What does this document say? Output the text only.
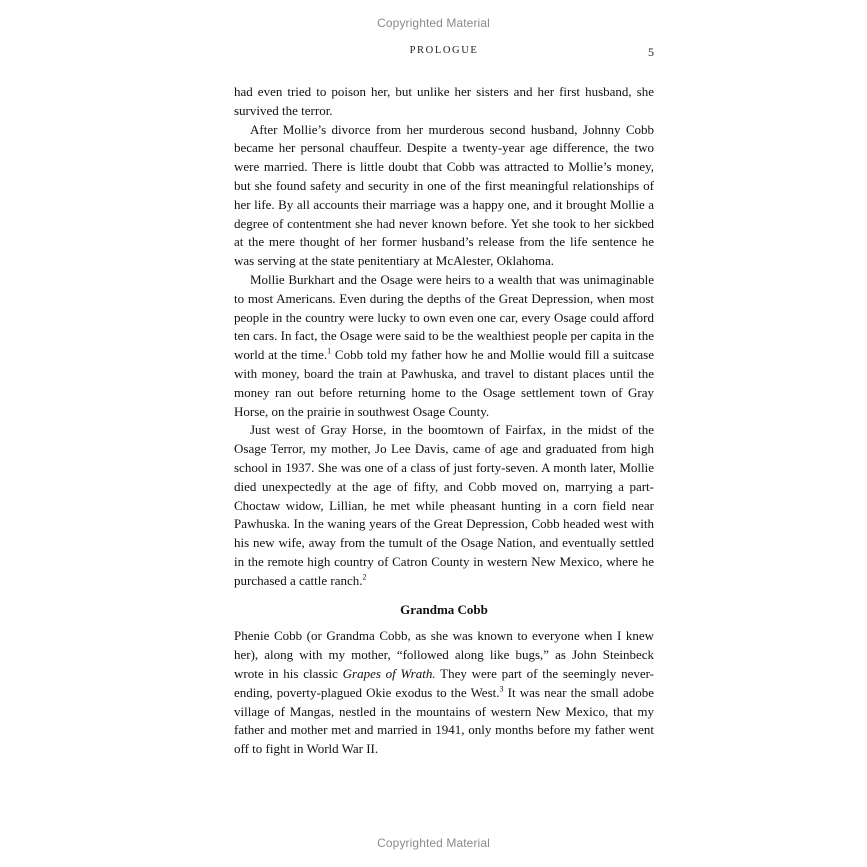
Copyrighted Material
PROLOGUE	5

had even tried to poison her, but unlike her sisters and her first husband, she survived the terror.

After Mollie’s divorce from her murderous second husband, Johnny Cobb became her personal chauffeur. Despite a twenty-year age difference, the two were married. There is little doubt that Cobb was attracted to Mollie’s money, but she found safety and security in one of the first meaningful relationships of her life. By all accounts their marriage was a happy one, and it brought Mollie a degree of contentment she had never known before. Yet she took to her sickbed at the mere thought of her former husband’s release from the life sentence he was serving at the state penitentiary at McAlester, Oklahoma.

Mollie Burkhart and the Osage were heirs to a wealth that was unimaginable to most Americans. Even during the depths of the Great Depression, when most people in the country were lucky to own even one car, every Osage could afford ten cars. In fact, the Osage were said to be the wealthiest people per capita in the world at the time.$^1$ Cobb told my father how he and Mollie would fill a suitcase with money, board the train at Pawhuska, and travel to distant places until the money ran out before returning home to the Osage settlement town of Gray Horse, on the prairie in southwest Osage County.

Just west of Gray Horse, in the boomtown of Fairfax, in the midst of the Osage Terror, my mother, Jo Lee Davis, came of age and graduated from high school in 1937. She was one of a class of just forty-seven. A month later, Mollie died unexpectedly at the age of fifty, and Cobb moved on, marrying a part-Choctaw widow, Lillian, he met while pheasant hunting in a corn field near Pawhuska. In the waning years of the Great Depression, Cobb headed west with his new wife, away from the tumult of the Osage Nation, and eventually settled in the remote high country of Catron County in western New Mexico, where he purchased a cattle ranch.$^2$

Grandma Cobb

Phenie Cobb (or Grandma Cobb, as she was known to everyone when I knew her), along with my mother, “followed along like bugs,” as John Steinbeck wrote in his classic Grapes of Wrath. They were part of the seemingly never-ending, poverty-plagued Okie exodus to the West.$^3$ It was near the small adobe village of Mangas, nestled in the mountains of western New Mexico, that my father and mother met and married in 1941, only months before my father went off to fight in World War II.

Copyrighted Material
